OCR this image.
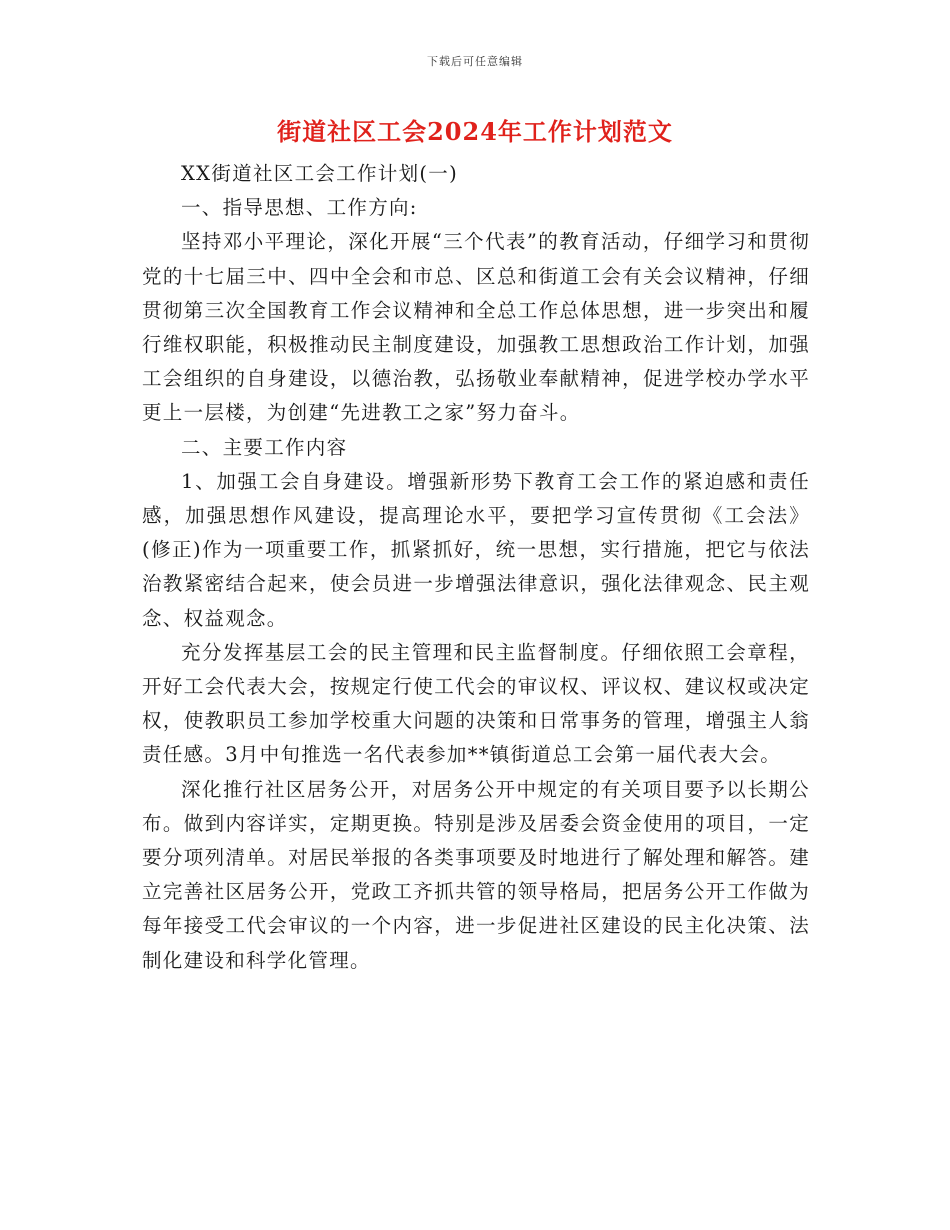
下载后可任意编辑
街道社区工会2024年工作计划范文

XX街道社区工会工作计划(一)

一、指导思想、工作方向:

坚持邓小平理论，深化开展“三个代表”的教育活动，仔细学习和贯彻党的十七届三中、四中全会和市总、区总和街道工会有关会议精神，仔细贯彻第三次全国教育工作会议精神和全总工作总体思想，进一步突出和履行维权职能，积极推动民主制度建设，加强教工思想政治工作计划，加强工会组织的自身建设，以德治教，弘扬敬业奉献精神，促进学校办学水平更上一层楼，为创建“先进教工之家”努力奋斗。

二、主要工作内容

1、加强工会自身建设。增强新形势下教育工会工作的紧迫感和责任感，加强思想作风建设，提高理论水平，要把学习宣传贯彻《工会法》(修正)作为一项重要工作，抓紧抓好，统一思想，实行措施，把它与依法治教紧密结合起来，使会员进一步增强法律意识，强化法律观念、民主观念、权益观念。

充分发挥基层工会的民主管理和民主监督制度。仔细依照工会章程，开好工会代表大会，按规定行使工代会的审议权、评议权、建议权或决定权，使教职员工参加学校重大问题的决策和日常事务的管理，增强主人翁责任感。3月中旬推选一名代表参加**镇街道总工会第一届代表大会。

深化推行社区居务公开，对居务公开中规定的有关项目要予以长期公布。做到内容详实，定期更换。特别是涉及居委会资金使用的项目，一定要分项列清单。对居民举报的各类事项要及时地进行了解处理和解答。建立完善社区居务公开，党政工齐抓共管的领导格局，把居务公开工作做为每年接受工代会审议的一个内容，进一步促进社区建设的民主化决策、法制化建设和科学化管理。
